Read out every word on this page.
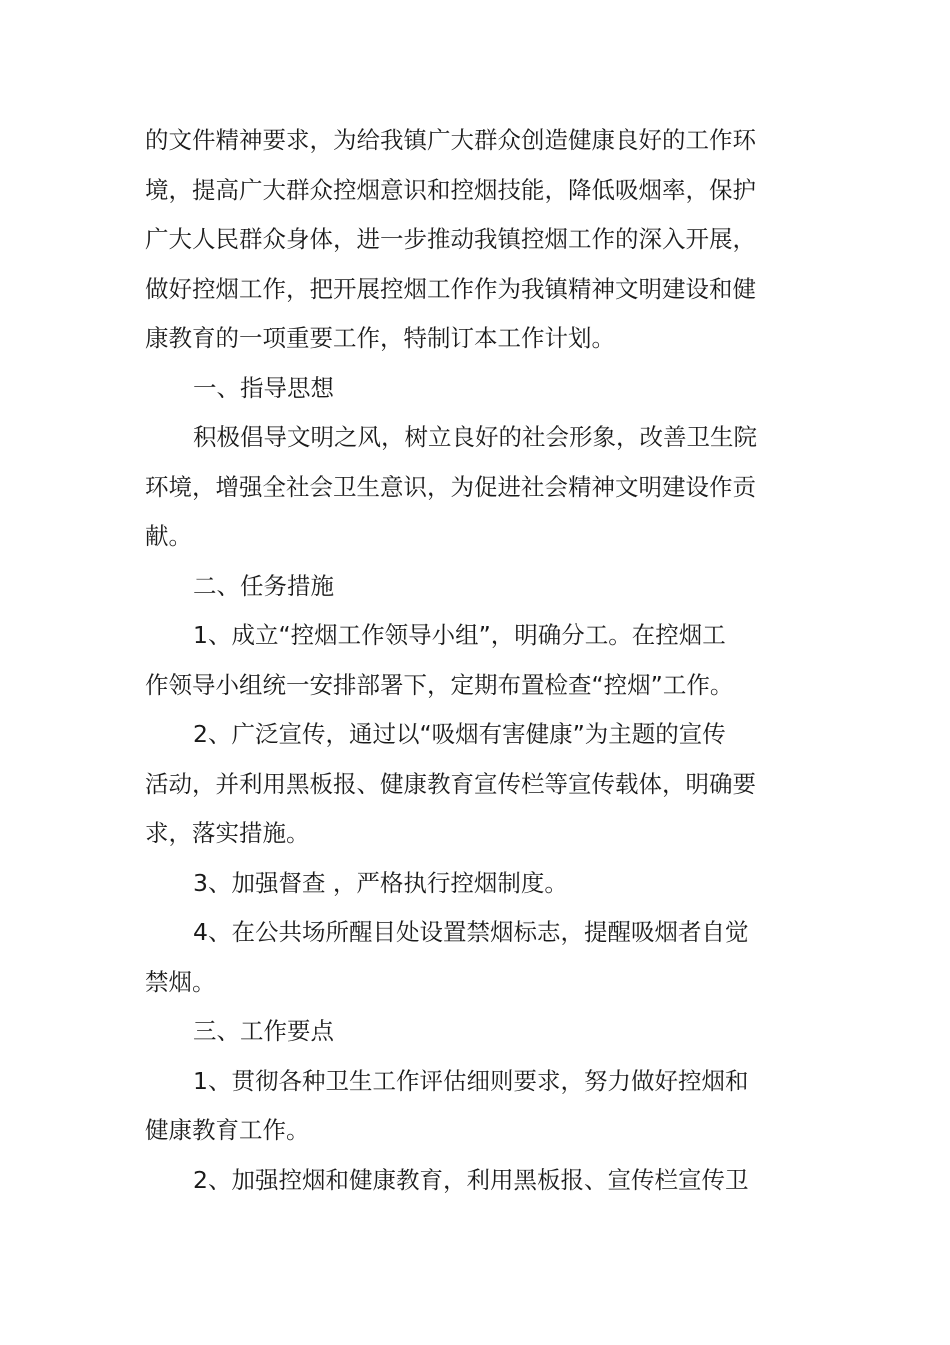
的文件精神要求，为给我镇广大群众创造健康良好的工作环
境，提高广大群众控烟意识和控烟技能，降低吸烟率，保护
广大人民群众身体，进一步推动我镇控烟工作的深入开展，
做好控烟工作，把开展控烟工作作为我镇精神文明建设和健
康教育的一项重要工作，特制订本工作计划。
一、指导思想
积极倡导文明之风，树立良好的社会形象，改善卫生院
环境，增强全社会卫生意识，为促进社会精神文明建设作贡
献。
二、任务措施
1、成立“控烟工作领导小组”，明确分工。在控烟工
作领导小组统一安排部署下，定期布置检查“控烟”工作。
2、广泛宣传，通过以“吸烟有害健康”为主题的宣传
活动，并利用黑板报、健康教育宣传栏等宣传载体，明确要
求，落实措施。
3、加强督查 ，严格执行控烟制度。
4、在公共场所醒目处设置禁烟标志，提醒吸烟者自觉
禁烟。
三、工作要点
1、贯彻各种卫生工作评估细则要求，努力做好控烟和
健康教育工作。
2、加强控烟和健康教育，利用黑板报、宣传栏宣传卫
